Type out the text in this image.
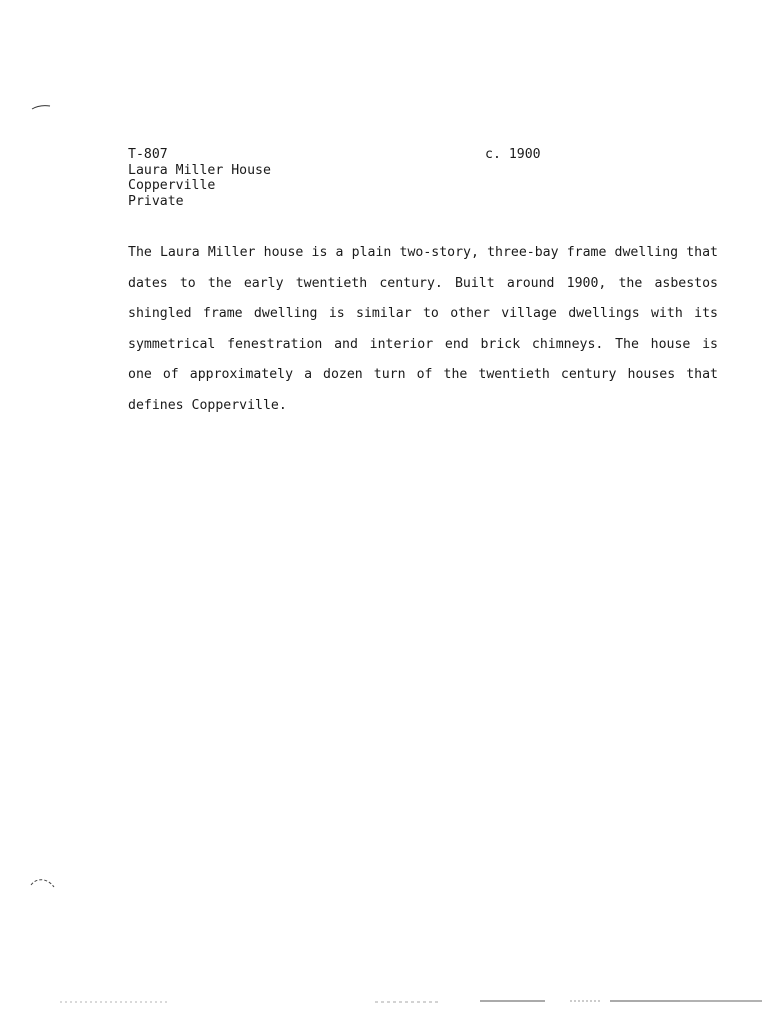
T-807
Laura Miller House
Copperville
Private
c. 1900
The Laura Miller house is a plain two-story, three-bay frame dwelling that
dates to the early twentieth century. Built around 1900, the asbestos
shingled frame dwelling is similar to other village dwellings with its
symmetrical fenestration and interior end brick chimneys. The house is
one of approximately a dozen turn of the twentieth century houses that
defines Copperville.
